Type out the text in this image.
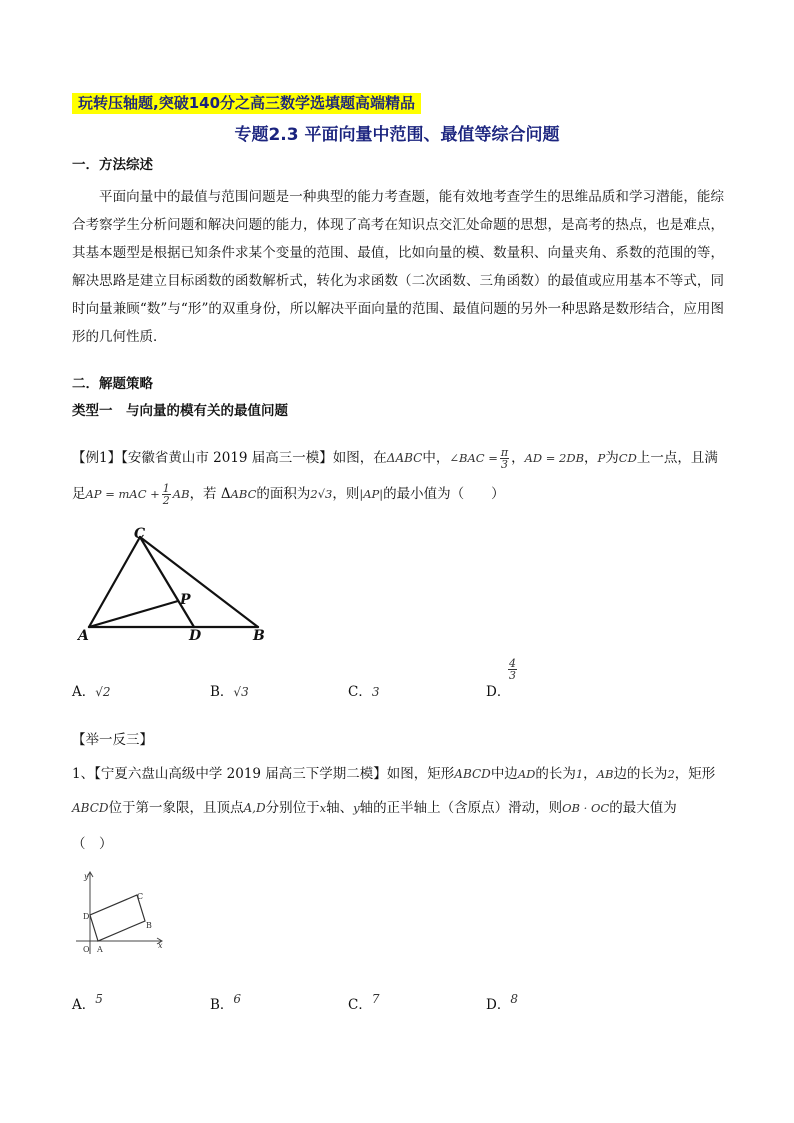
玩转压轴题,突破140分之高三数学选填题高端精品
专题2.3 平面向量中范围、最值等综合问题
一．方法综述

平面向量中的最值与范围问题是一种典型的能力考查题，能有效地考查学生的思维品质和学习潜能，能综合考察学生分析问题和解决问题的能力，体现了高考在知识点交汇处命题的思想，是高考的热点，也是难点，其基本题型是根据已知条件求某个变量的范围、最值，比如向量的模、数量积、向量夹角、系数的范围的等，解决思路是建立目标函数的函数解析式，转化为求函数（二次函数、三角函数）的最值或应用基本不等式，同时向量兼顾“数”与“形”的双重身份，所以解决平面向量的范围、最值问题的另外一种思路是数形结合，应用图形的几何性质．

二．解题策略
类型一　与向量的模有关的最值问题
【例1】【安徽省黄山市 2019 届高三一模】如图，在ΔABC中，∠BAC = $\frac{\pi}{3}$ ，AD = 2DB，P为CD上一点，且满
足AP = mAC + $\frac{1}{2}$ AB，若 ΔABC的面积为2√3，则|AP|的最小值为（　　）
C
P
A	D	B
A．√2	B．√3	C．3	D．
$\frac{4}{3}$
【举一反三】
1、【宁夏六盘山高级中学 2019 届高三下学期二模】如图，矩形ABCD中边AD的长为1，AB边的长为2，矩形
ABCD位于第一象限，且顶点A,D分别位于x轴、y轴的正半轴上（含原点）滑动，则OB · OC的最大值为
（　）
y
x
O A
B
C
D
A．5	B．6	C．7	D．8
